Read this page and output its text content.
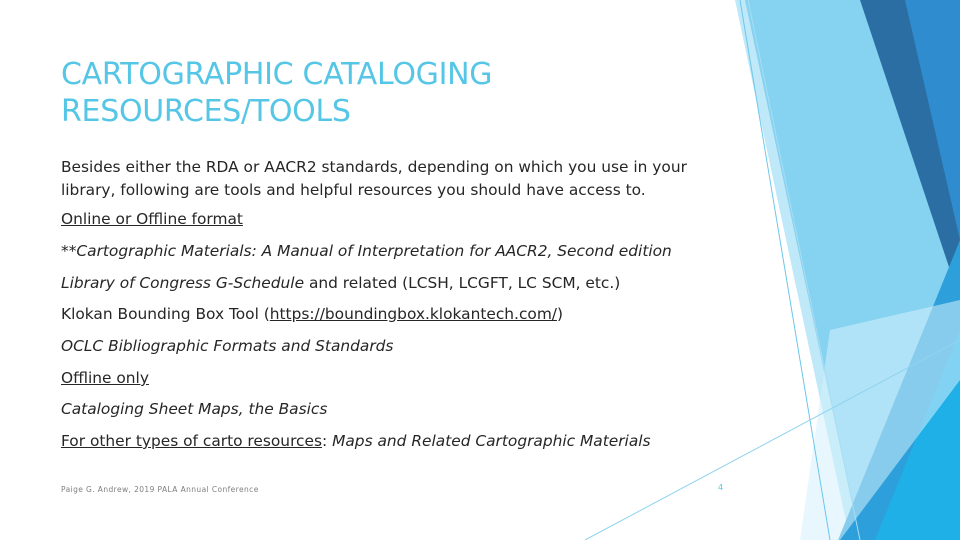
CARTOGRAPHIC CATALOGING RESOURCES/TOOLS

Besides either the RDA or AACR2 standards, depending on which you use in your library, following are tools and helpful resources you should have access to.

Online or Offline format

**Cartographic Materials: A Manual of Interpretation for AACR2, Second edition

Library of Congress G-Schedule and related (LCSH, LCGFT, LC SCM, etc.)

Klokan Bounding Box Tool (https://boundingbox.klokantech.com/)

OCLC Bibliographic Formats and Standards

Offline only

Cataloging Sheet Maps, the Basics

For other types of carto resources: Maps and Related Cartographic Materials

Paige G. Andrew, 2019 PALA Annual Conference	4
